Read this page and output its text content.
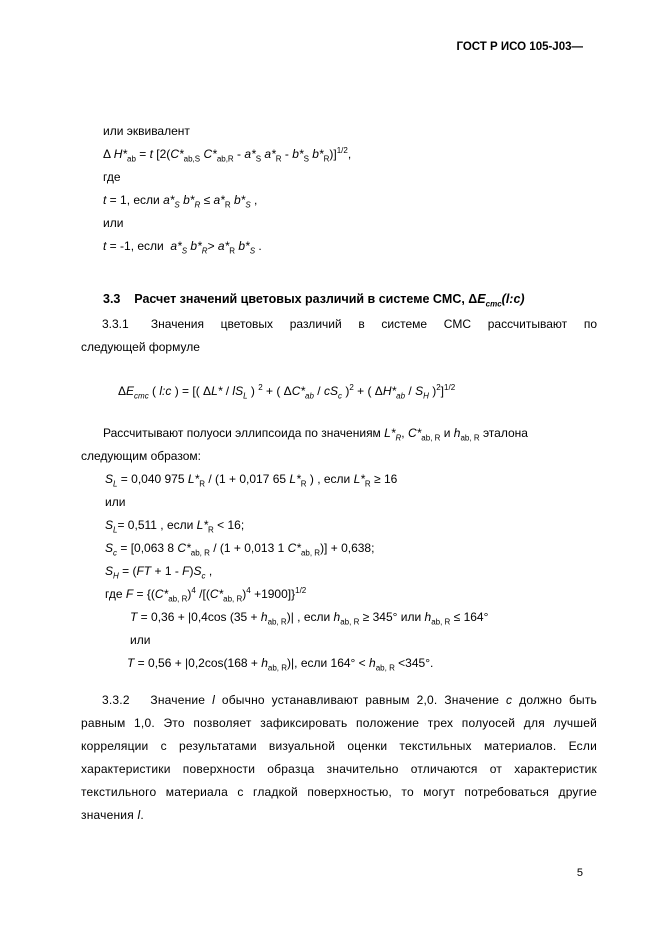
ГОСТ Р ИСО 105-J03—
или эквивалент
Δ $H*_{ab} = t$ [$2(C*_{ab,S}$ $C*_{ab,R} - a*_S$ $a*_R - b*_S$ $b*_R)]^{1/2}$,
где
t = 1, если $a*_S$ $b*_R \le a*_R$ $b*_S$ ,
или
t = -1, если  $a*_S$ $b*_R> a*_R$ $b*_S$ .
3.3    Расчет значений цветовых различий в системе CMC, $\Delta E_{cmc}(l:c)$
3.3.1    Значения   цветовых   различий   в   системе   CMC   рассчитывают   по
следующей формуле
$\Delta E_{cmc}$ ( l:c ) = [( $\Delta L* / lS_L$ ) $^2$ + ( $\Delta C*_{ab} / cS_c$ )$^2$ + ( $\Delta H*_{ab} / S_H$ )$^2$]$^{1/2}$
Рассчитывают полуоси эллипсоида по значениям $L*_R$, $C*_{ab, R}$ и $h_{ab, R}$ эталона
следующим образом:
$S_L = 0,040$ 975 $L*_R / (1 + 0,017$ 65 $L*_R$ ) , если $L*_R \ge 16$
или
$S_L= 0,511$ , если $L*_R < 16$;
$S_c = [0,063$ 8 $C*_{ab, R} / (1 + 0,013$ 1 $C*_{ab, R})] + 0,638$;
$S_H = (FT + 1 - F)S_c$ ,
где $F = \{(C*_{ab, R})^4$ $/[(C*_{ab, R})^4 +1900]\}^{1/2}$
T = 0,36 + |0,4cos $(35 + h_{ab, R})|$ , если $h_{ab, R} \ge 345^\circ$ или $h_{ab, R} \le 164^\circ$
или
$T = 0,56 + |0,2\cos(168 + h_{ab, R})|$, если $164^\circ < h_{ab, R} <345^\circ$.
3.3.2   Значение l обычно устанавливают равным 2,0. Значение c должно быть равным 1,0. Это позволяет зафиксировать положение трех полуосей для лучшей корреляции с результатами визуальной оценки текстильных материалов. Если характеристики поверхности образца значительно отличаются от характеристик текстильного материала с гладкой поверхностью, то могут потребоваться другие значения l.
5
